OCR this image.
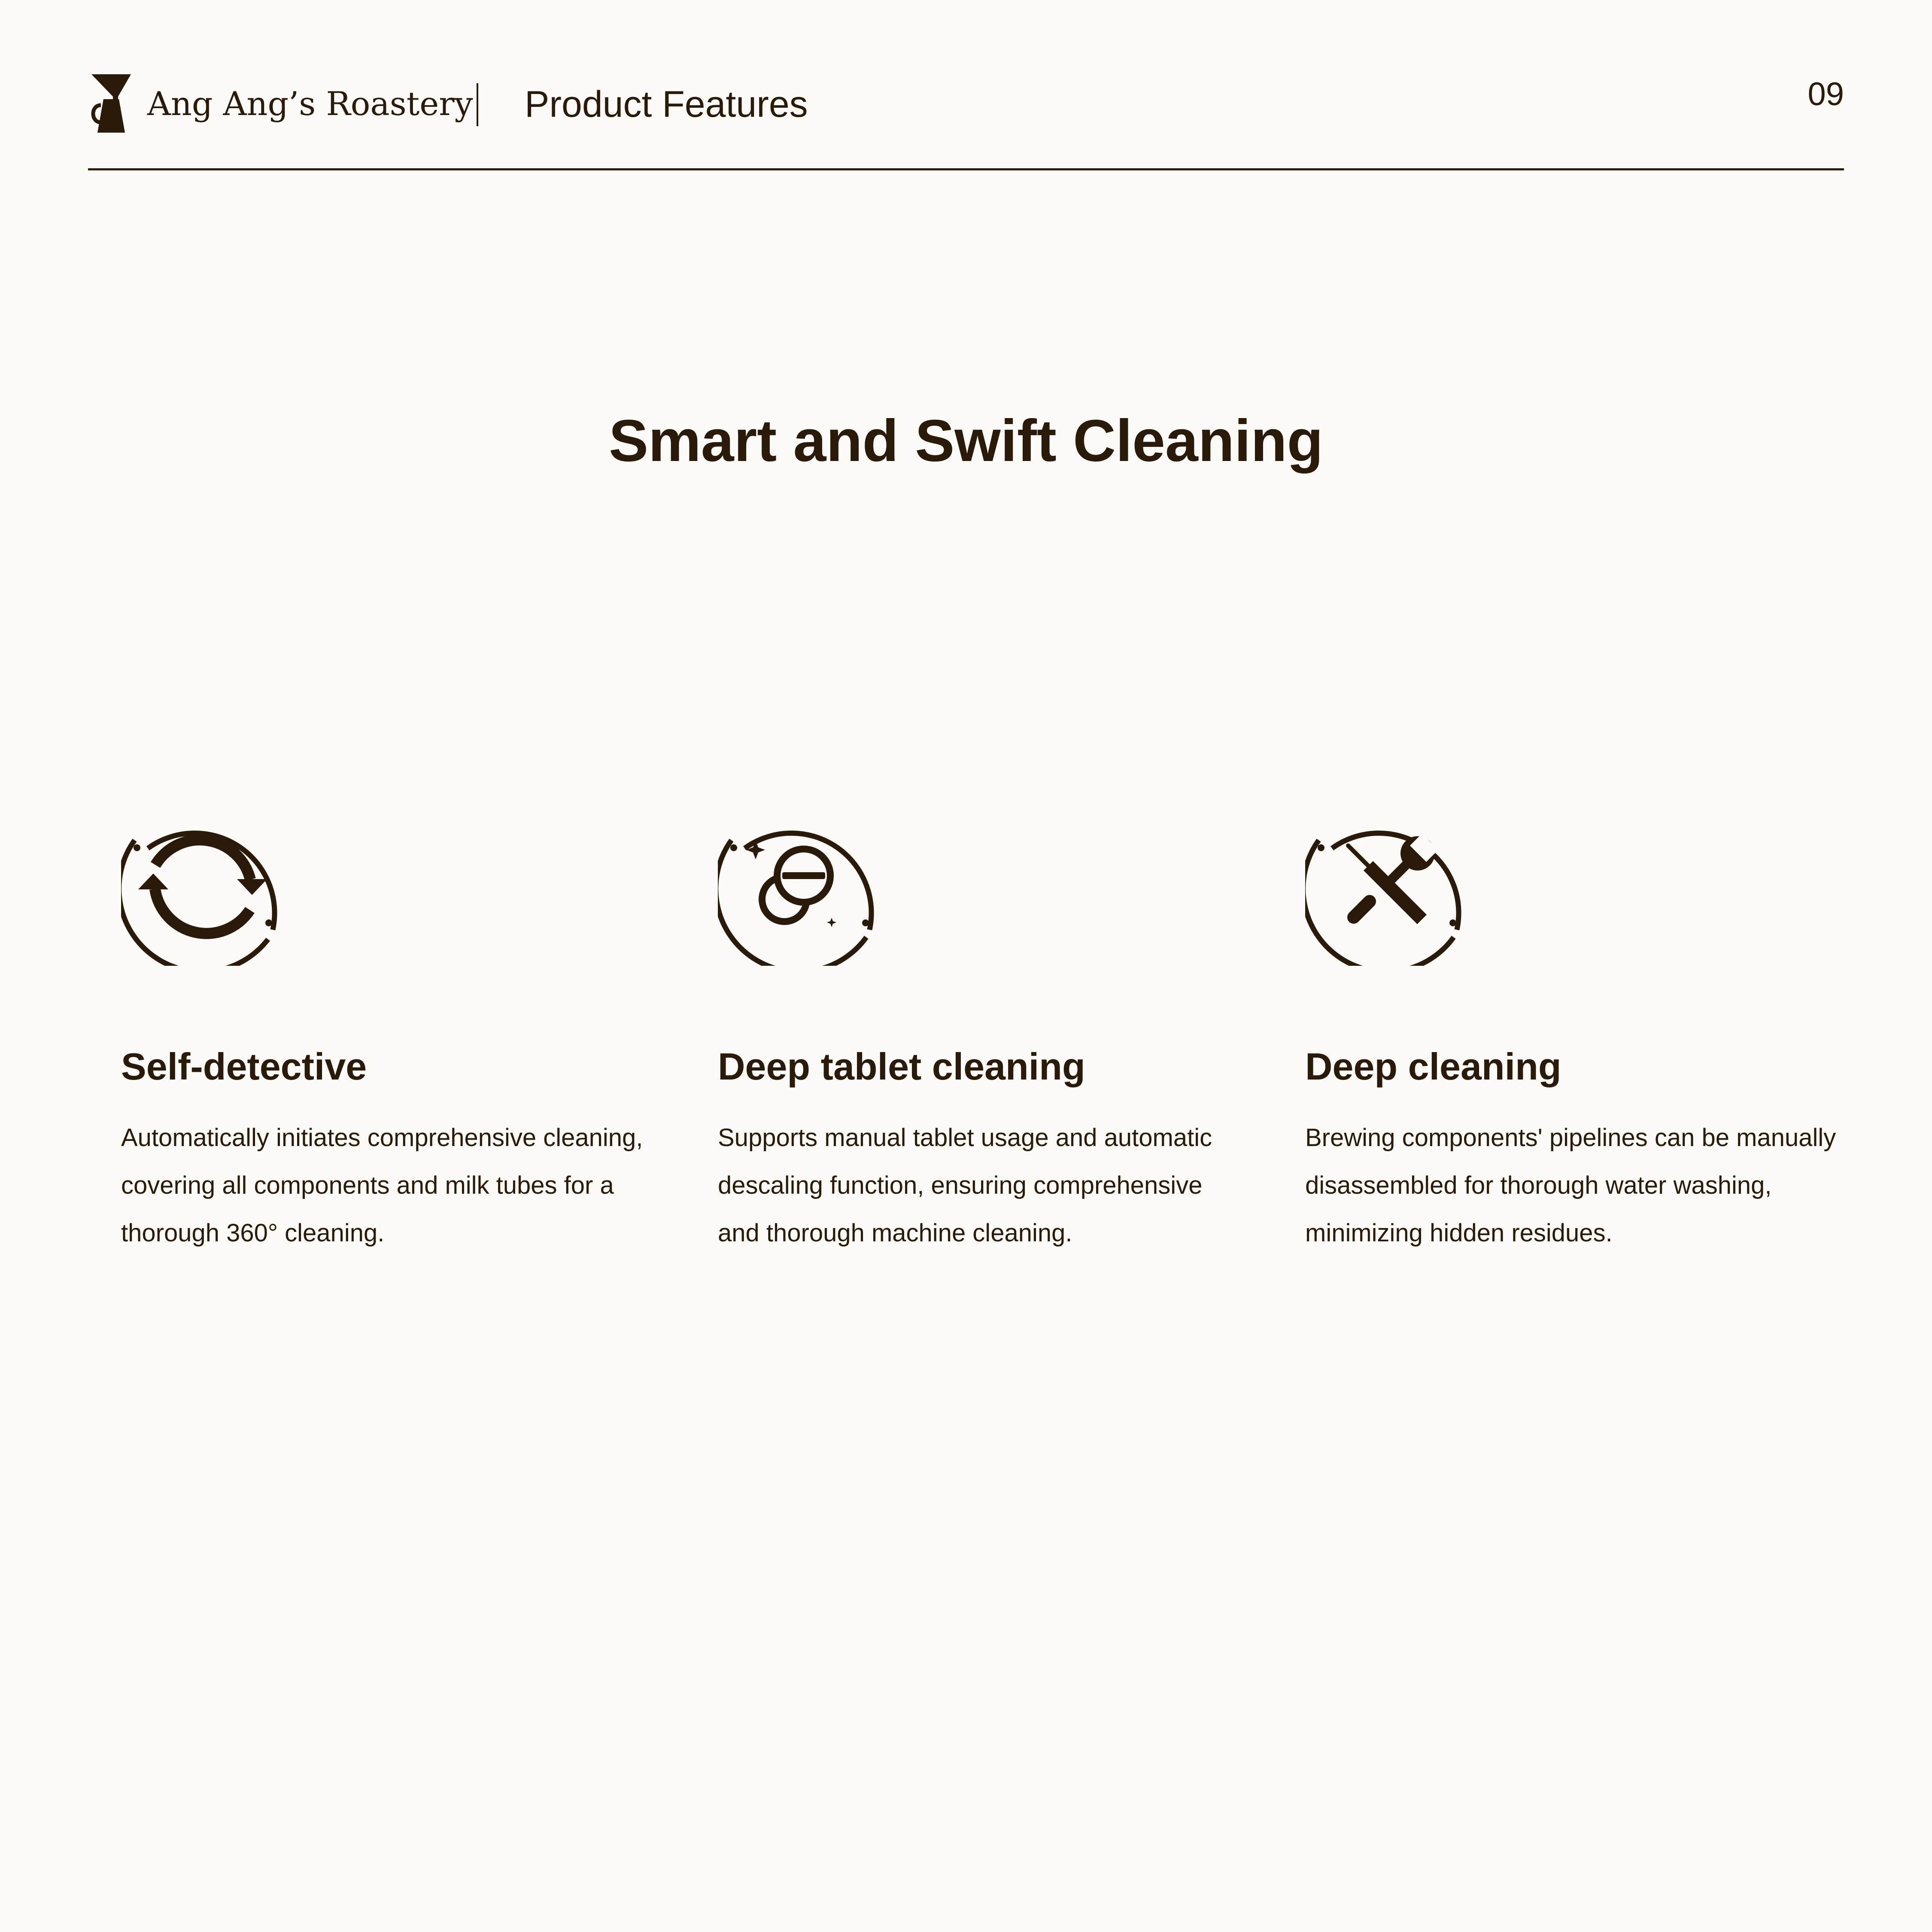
Ang Ang’s Roastery Product Features	09
Smart and Swift Cleaning
Self-detective
Automatically initiates comprehensive cleaning, covering all components and milk tubes for a thorough 360° cleaning.
Deep tablet cleaning
Supports manual tablet usage and automatic descaling function, ensuring comprehensive and thorough machine cleaning.
Deep cleaning
Brewing components' pipelines can be manually disassembled for thorough water washing, minimizing hidden residues.
